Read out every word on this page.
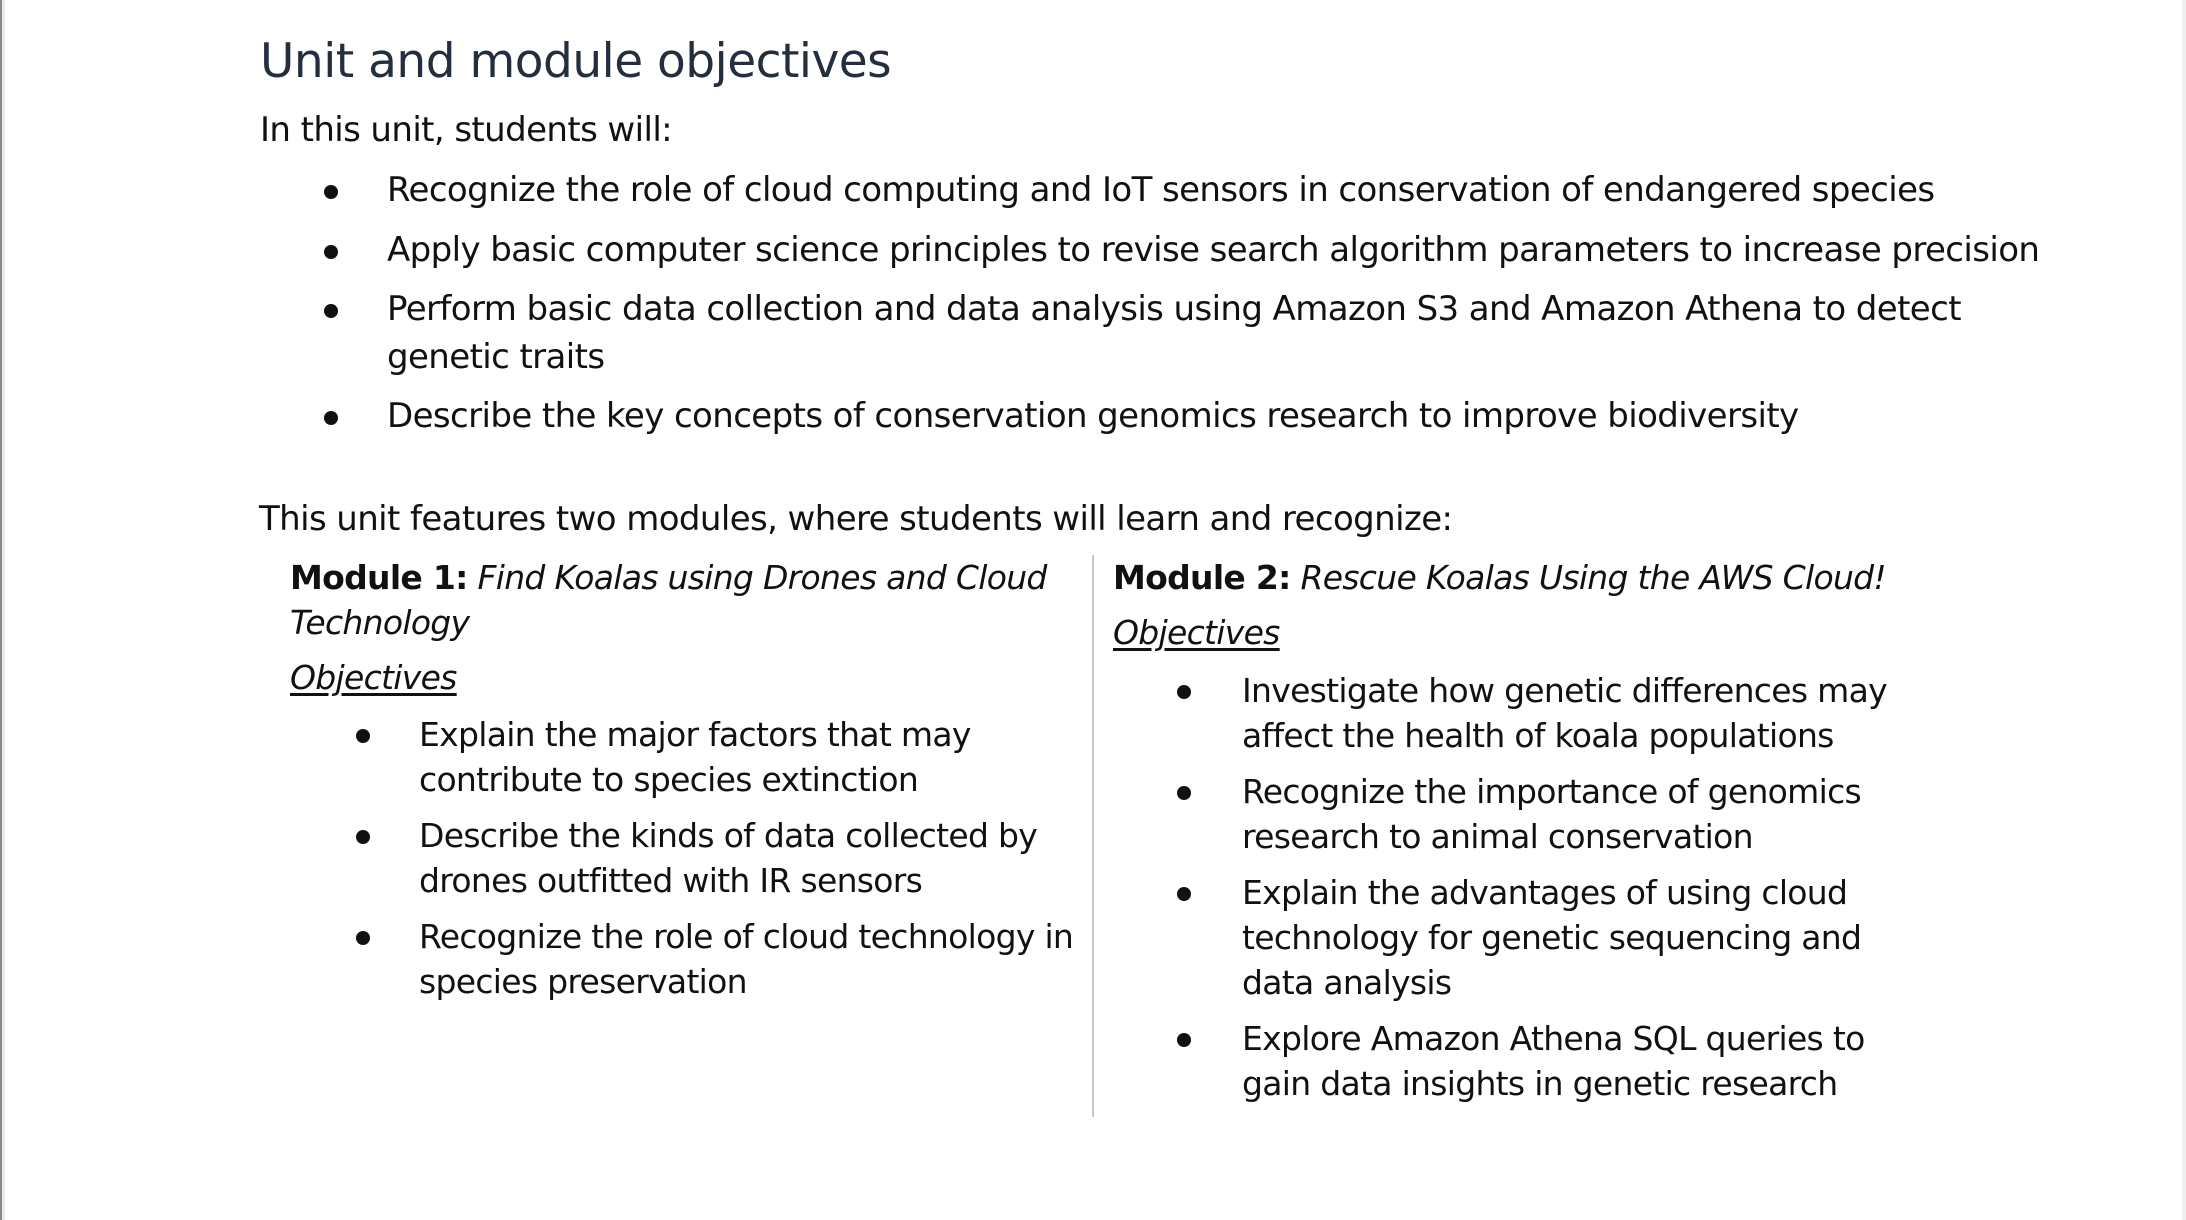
Unit and module objectives

In this unit, students will:

Recognize the role of cloud computing and IoT sensors in conservation of endangered species
Apply basic computer science principles to revise search algorithm parameters to increase precision
Perform basic data collection and data analysis using Amazon S3 and Amazon Athena to detect
genetic traits
Describe the key concepts of conservation genomics research to improve biodiversity

This unit features two modules, where students will learn and recognize:

Module 1: Find Koalas using Drones and Cloud
Technology

Objectives

Explain the major factors that may
contribute to species extinction
Describe the kinds of data collected by
drones outfitted with IR sensors
Recognize the role of cloud technology in
species preservation
Module 2: Rescue Koalas Using the AWS Cloud!

Objectives

Investigate how genetic differences may
affect the health of koala populations
Recognize the importance of genomics
research to animal conservation
Explain the advantages of using cloud
technology for genetic sequencing and
data analysis
Explore Amazon Athena SQL queries to
gain data insights in genetic research
